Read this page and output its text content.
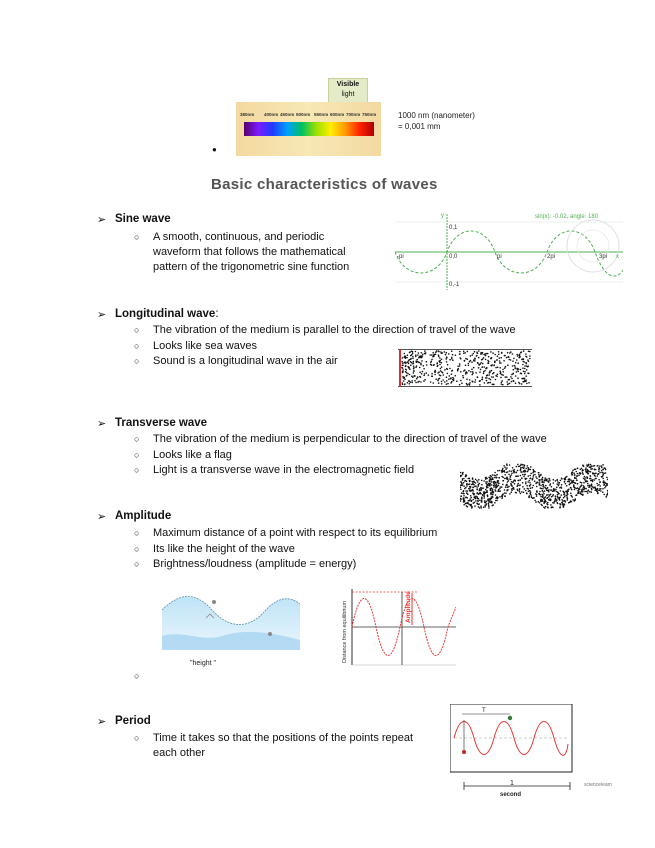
Visible
light
380nm 400nm 450nm 500nm 550nm 600nm 700nm 750nm	1000 nm (nanometer)
= 0,001 mm
●
Basic characteristics of waves
➢ Sine wave
○ A smooth, continuous, and periodic
waveform that follows the mathematical
pattern of the trigonometric sine function
sin(x): -0.02, angle: 180
y
0,1
0,0
0,-1
-pi	pi	2pi	3pi x
➢ Longitudinal wave:
○ The vibration of the medium is parallel to the direction of travel of the wave
○ Looks like sea waves
○ Sound is a longitudinal wave in the air
➢ Transverse wave
○ The vibration of the medium is perpendicular to the direction of travel of the wave
○ Looks like a flag
○ Light is a transverse wave in the electromagnetic field
➢ Amplitude
○ Maximum distance of a point with respect to its equilibrium
○ Its like the height of the wave
○ Brightness/loudness (amplitude = energy)
"height "
Distance from equilibrium	Amplitude
○
➢ Period
○ Time it takes so that the positions of the points repeat
each other
T
1
second
sciencelearn
